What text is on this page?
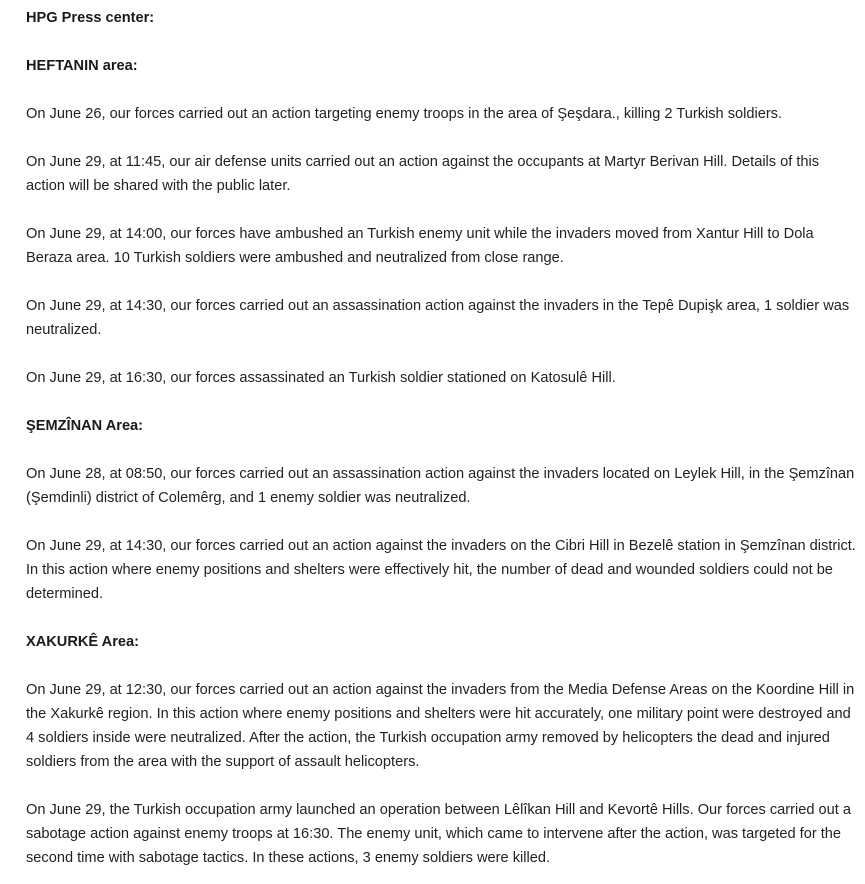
HPG Press center:

HEFTANIN area:

On June 26, our forces carried out an action targeting enemy troops in the area of Şeşdara., killing 2 Turkish soldiers.

On June 29, at 11:45, our air defense units carried out an action against the occupants at Martyr Berivan Hill. Details of this action will be shared with the public later.

On June 29, at 14:00, our forces have ambushed an Turkish enemy unit while the invaders moved from Xantur Hill to Dola Beraza area. 10 Turkish soldiers were ambushed and neutralized from close range.

On June 29, at 14:30, our forces carried out an assassination action against the invaders in the Tepê Dupişk area, 1 soldier was neutralized.

On June 29, at 16:30, our forces assassinated an Turkish soldier stationed on Katosulê Hill.

ŞEMZÎNAN Area:

On June 28, at 08:50, our forces carried out an assassination action against the invaders located on Leylek Hill, in the Şemzînan (Şemdinli) district of Colemêrg, and 1 enemy soldier was neutralized.

On June 29, at 14:30, our forces carried out an action against the invaders on the Cibri Hill in Bezelê station in Şemzînan district. In this action where enemy positions and shelters were effectively hit, the number of dead and wounded soldiers could not be determined.

XAKURKÊ Area:

On June 29, at 12:30, our forces carried out an action against the invaders from the Media Defense Areas on the Koordine Hill in the Xakurkê region. In this action where enemy positions and shelters were hit accurately, one military point were destroyed and 4 soldiers inside were neutralized. After the action, the Turkish occupation army removed by helicopters the dead and injured soldiers from the area with the support of assault helicopters.

On June 29, the Turkish occupation army launched an operation between Lêlîkan Hill and Kevortê Hills. Our forces carried out a sabotage action against enemy troops at 16:30. The enemy unit, which came to intervene after the action, was targeted for the second time with sabotage tactics. In these actions, 3 enemy soldiers were killed.
